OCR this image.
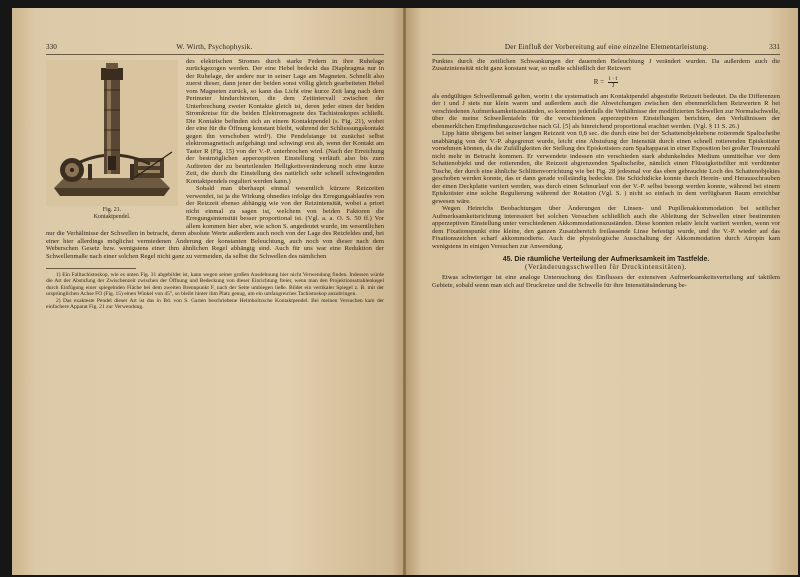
330	W. Wirth, Psychophysik.
Fig. 21.
Kontaktpendel.

des elektrischen Stromes durch starke Federn in ihre Ruhelage zurückgezogen werden. Der eine Hebel bedeckt das Diaphragma nur in der Ruhelage, der andere nur in seiner Lage am Magneten. Schnellt also zuerst dieser, dann jener der beiden sonst völlig gleich gearbeiteten Hebel vom Magneten zurück, so kann das Licht eine kurze Zeit lang nach dem Perimeter hindurchtreten, die dem Zeitintervall zwischen der Unterbrechung zweier Kontakte gleich ist, deren jeder einen der beiden Stromkreise für die beiden Elektromagnete des Tachistoskopes schließt. Die Kontakte befinden sich an einem Kontaktpendel (s. Fig. 21), wobei der eine für die Öffnung konstant bleibt, während der Schliessungskontakt gegen ihn verschoben wird¹). Die Pendelstange ist zunächst selbst elektromagnetisch aufgehängt und schwingt erst ab, wenn der Kontakt am Taster R (Fig. 15) von der V.-P. unterbrochen wird. (Nach der Erreichung der bestmöglichen apperzeptiven Einstellung verläuft also bis zum Auftreten der zu beurteilenden Helligkeitsveränderung noch eine kurze Zeit, die durch die Einstellung des natürlich sehr schnell schwingenden Kontaktpendels reguliert werden kann.)

Sobald man überhaupt einmal wesentlich kürzere Reizzeiten verwendet, ist ja die Wirkung ohnedies infolge des Erregungsablaufes von der Reizzeit ebenso abhängig wie von der Reizintensität, wobei a priori nicht einmal zu sagen ist, welchem von beiden Faktoren die Erregungsintensität besser proportional ist. (Vgl. a. a. O. S. 50 ff.) Vor allem kommen hier aber, wie schon S. angedeutet wurde, im wesentlichen nur die Verhältnisse der Schwellen in betracht, deren absolute Werte außerdem auch noch von der Lage des Reizfeldes und, bei einer hier allerdings möglichst vermiedenen Änderung der konstanten Beleuchtung, auch noch von dieser nach dem Weberschen Gesetz bzw. wenigstens einer ihm ähnlichen Regel abhängig sind. Auch für uns war eine Reduktion der Schwellenmaße nach einer solchen Regel nicht ganz zu vermeiden, da selbst die Schwellen des nämlichen

1) Ein Falltachistoskop, wie es unten Fig. 31 abgebildet ist, kann wegen seiner großen Ausdehnung hier nicht Verwendung finden. Indessen würde die Art der Abstufung der Zwischenzeit zwischen der Öffnung und Bedeckung von dieser Einrichtung freier, wenn man den Projektionsstrahlenkegel durch Einfügung einer spiegelnden Fläche bei dem zweiten Brennpunkt F, nach der Seite umbiegen ließe. Bildet ein vertikaler Spiegel z. B. mit der ursprünglichen Achse FO (Fig. 15) einen Winkel von 45°, so bleibt hinter ihm Platz genug, um ein umfangreiches Tachistoskop anzubringen.

2) Das exakteste Pendel dieser Art ist das in Bd. von S. Garten beschriebene Helmholtzsche Kontaktpendel. Bei meinen Versuchen kam der einfachere Apparat Fig. 21 zur Verwendung.

Der Einfluß der Vorbereitung auf eine einzelne Elementarleistung.	331

Punktes durch die zeitlichen Schwankungen der dauernden Beleuchtung J verändert wurden. Da außerdem auch die Zusatzintensität nicht ganz konstant war, so mußte schließlich der Reizwert

$R = \frac{i \cdot t}{J}$

als endgültiges Schwellenmaß gelten, worin t die systematisch am Kontaktpendel abgestufte Reizzeit bedeutet. Da die Differenzen der i und J stets nur klein waren und außerdem auch die Abweichungen zwischen den ebenmerklichen Reizwerten R bei verschiedenen Aufmerksamkeitszuständen, so konnten jedenfalls die Verhältnisse der modifizierten Schwellen zur Normalschwelle, über die meine Schwellentafeln für die verschiedenen apperzeptiven Einstellungen berichten, den Verhältnissen der ebenmerklichen Empfindungszuwüchse nach Gl. [5] als hinreichend proportional erachtet werden. (Vgl. § 11 S. 26.)

Lipp hätte übrigens bei seiner langen Reizzeit von 0,8 sec. die durch eine bei der Schattenobjektebene rotierende Spaltscheibe unabhängig von der V.-P. abgegrenzt wurde, leicht eine Abstufung der Intensität durch einen schnell rotierenden Episkotister vornehmen können, da die Zufälligkeiten der Stellung des Episkotisters zum Spaltapparat in einer Exposition bei großer Tourenzahl nicht mehr in Betracht kommen. Er verwendete indessen ein verschieden stark abdunkelndes Medium unmittelbar vor dem Schattenobjekt und der rotierenden, die Reizzeit abgrenzenden Spaltscheibe, nämlich einen Flüssigkeitsfilter mit verdünnter Tusche, der durch eine ähnliche Schlittenvorrichtung wie bei Fig. 28 jedesmal vor das eben gebrauchte Loch des Schattenobjektes geschoben werden konnte, das er dann gerade vollständig bedeckte. Die Schichtdicke konnte durch Herein- und Herausschrauben der einen Deckplatte variiert werden, was durch einen Schnurlauf von der V.-P. selbst besorgt werden konnte, während bei einem Episkotister eine solche Regulierung während der Rotation (Vgl. S. ) nicht so einfach in dem verfügbaren Raum erreichbar gewesen wäre.

Wegen Heinrichs Beobachtungen über Änderungen der Linsen- und Pupillenakkommodation bei seitlicher Aufmerksamkeitsrichtung interessiert bei solchen Versuchen schließlich auch die Ableitung der Schwellen einer bestimmten apperzeptiven Einstellung unter verschiedenen Akkommodationszuständen. Diese konnten relativ leicht variiert werden, wenn vor dem Fixationspunkt eine kleine, den ganzen Zusatzbereich freilassende Linse befestigt wurde, und die V.-P. wieder auf das Fixationszeichen scharf akkommodierte. Auch die physiologische Ausschaltung der Akkommodation durch Atropin kam wenigstens in einigen Versuchen zur Anwendung.

45. Die räumliche Verteilung der Aufmerksamkeit im Tastfelde.
(Veränderungsschwellen für Druckintensitäten).

Etwas schwieriger ist eine analoge Untersuchung des Einflusses der extensiven Aufmerksamkeitsverteilung auf taktilem Gebiete, sobald wenn man sich auf Druckreize und die Schwelle für ihre Intensitätsänderung be-
